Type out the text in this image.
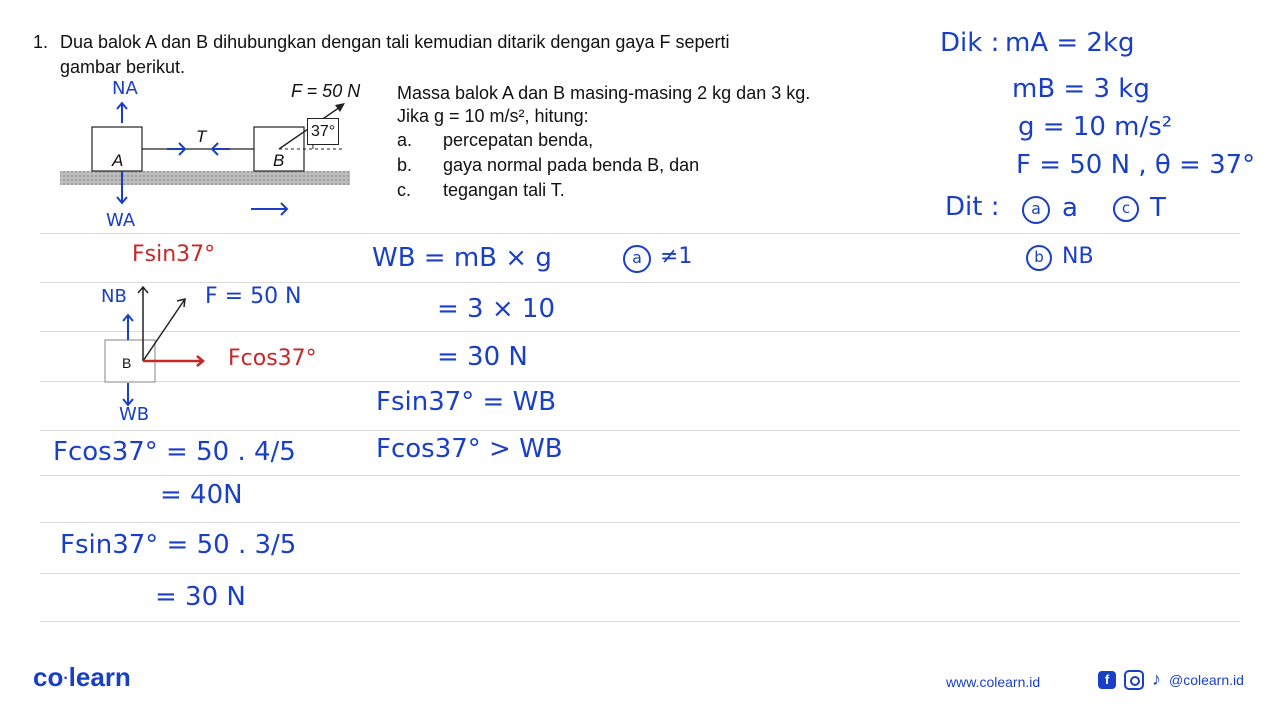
1. Dua balok A dan B dihubungkan dengan tali kemudian ditarik dengan gaya F seperti
gambar berikut.
Massa balok A dan B masing-masing 2 kg dan 3 kg.
Jika g = 10 m/s², hitung:
a.	percepatan benda,
b.	gaya normal pada benda B, dan
c.	tegangan tali T.
F = 50 N
37°
A	B
T
NA
WA
Dik : mA = 2kg
mB = 3 kg
g = 10 m/s²
F = 50 N , θ = 37°
Dit :	a a	c T
b NB
Fsin37°
NB	F = 50 N
B	Fcos37°
WB
Fcos37° = 50 . 4/5
= 40N
Fsin37° = 50 . 3/5
= 30 N
WB = mB × g
= 3 × 10
= 30 N
Fsin37° = WB
Fcos37° > WB
a ≠1
co·learn	www.colearn.id	f	♪ @colearn.id
